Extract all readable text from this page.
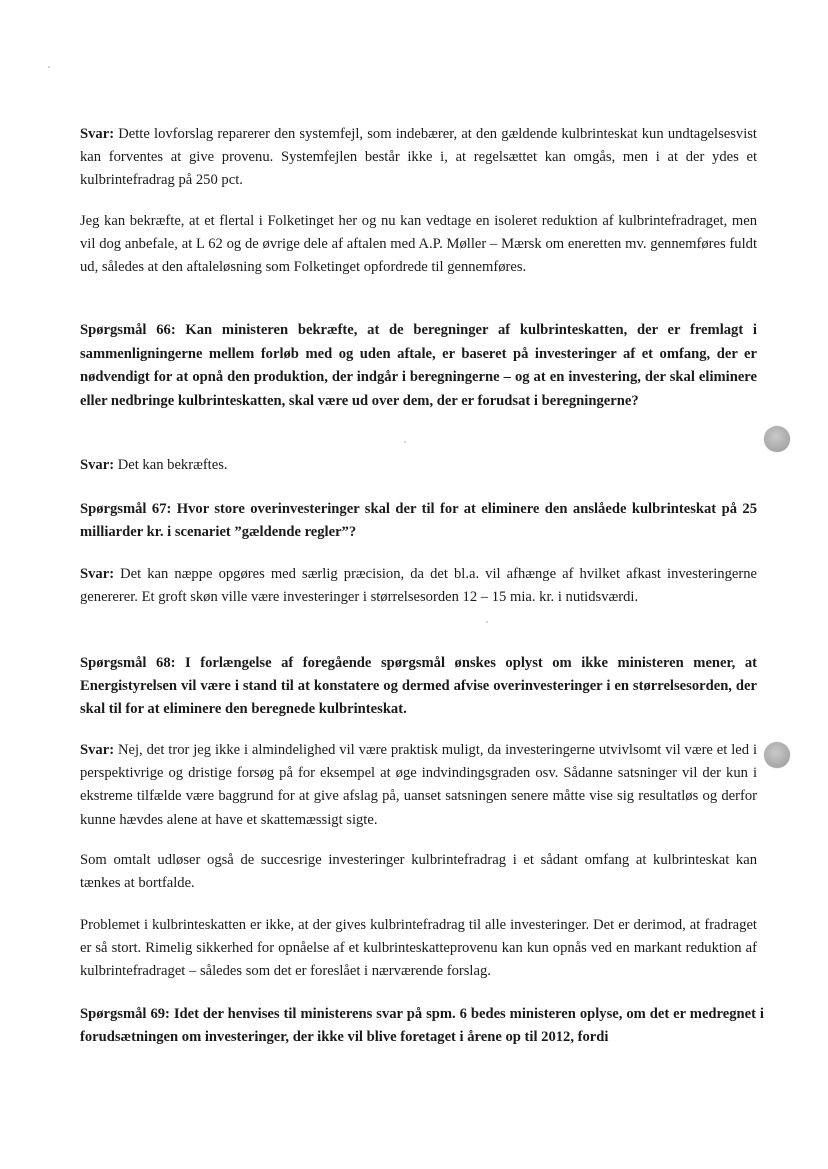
Svar: Dette lovforslag reparerer den systemfejl, som indebærer, at den gældende kulbrinteskat kun undtagelsesvist kan forventes at give provenu. Systemfejlen består ikke i, at regelsættet kan omgås, men i at der ydes et kulbrintefradrag på 250 pct.

Jeg kan bekræfte, at et flertal i Folketinget her og nu kan vedtage en isoleret reduktion af kulbrintefradraget, men vil dog anbefale, at L 62 og de øvrige dele af aftalen med A.P. Møller – Mærsk om eneretten mv. gennemføres fuldt ud, således at den aftaleløsning som Folketinget opfordrede til gennemføres.

Spørgsmål 66: Kan ministeren bekræfte, at de beregninger af kulbrinteskatten, der er fremlagt i sammenligningerne mellem forløb med og uden aftale, er baseret på investeringer af et omfang, der er nødvendigt for at opnå den produktion, der indgår i beregningerne – og at en investering, der skal eliminere eller nedbringe kulbrinteskatten, skal være ud over dem, der er forudsat i beregningerne?

Svar: Det kan bekræftes.

Spørgsmål 67: Hvor store overinvesteringer skal der til for at eliminere den anslåede kulbrinteskat på 25 milliarder kr. i scenariet ”gældende regler”?

Svar: Det kan næppe opgøres med særlig præcision, da det bl.a. vil afhænge af hvilket afkast investeringerne genererer. Et groft skøn ville være investeringer i størrelsesorden 12 – 15 mia. kr. i nutidsværdi.

Spørgsmål 68: I forlængelse af foregående spørgsmål ønskes oplyst om ikke ministeren mener, at Energistyrelsen vil være i stand til at konstatere og dermed afvise overinvesteringer i en størrelsesorden, der skal til for at eliminere den beregnede kulbrinteskat.

Svar: Nej, det tror jeg ikke i almindelighed vil være praktisk muligt, da investeringerne utvivlsomt vil være et led i perspektivrige og dristige forsøg på for eksempel at øge indvindingsgraden osv. Sådanne satsninger vil der kun i ekstreme tilfælde være baggrund for at give afslag på, uanset satsningen senere måtte vise sig resultatløs og derfor kunne hævdes alene at have et skattemæssigt sigte.

Som omtalt udløser også de succesrige investeringer kulbrintefradrag i et sådant omfang at kulbrinteskat kan tænkes at bortfalde.

Problemet i kulbrinteskatten er ikke, at der gives kulbrintefradrag til alle investeringer. Det er derimod, at fradraget er så stort. Rimelig sikkerhed for opnåelse af et kulbrinteskatteprovenu kan kun opnås ved en markant reduktion af kulbrintefradraget – således som det er foreslået i nærværende forslag.

Spørgsmål 69: Idet der henvises til ministerens svar på spm. 6 bedes ministeren oplyse, om det er medregnet i forudsætningen om investeringer, der ikke vil blive foretaget i årene op til 2012, fordi
